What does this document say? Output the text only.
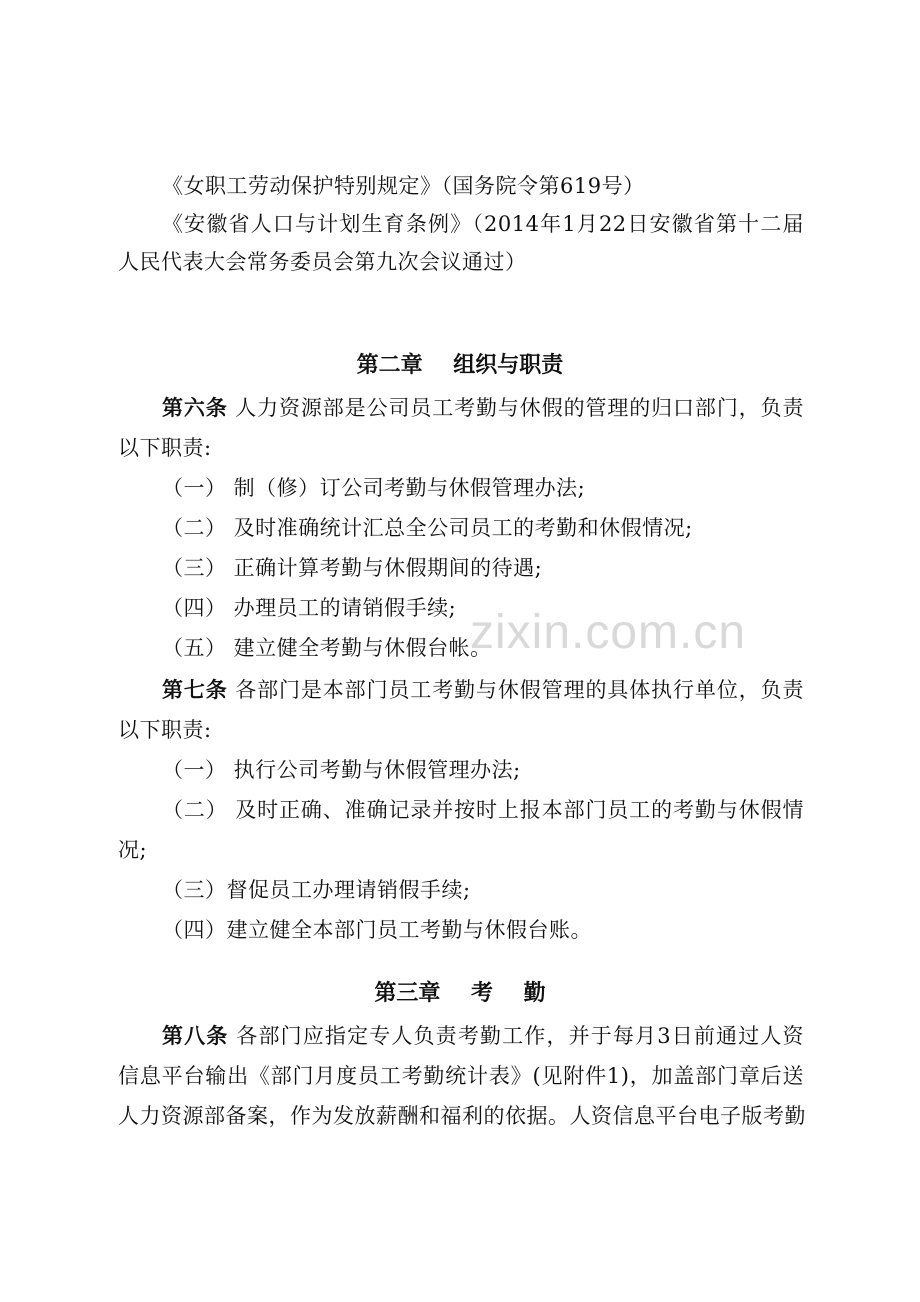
《女职工劳动保护特别规定》（国务院令第619号）
《安徽省人口与计划生育条例》（2014年1月22日安徽省第十二届
人民代表大会常务委员会第九次会议通过）
第二章    组织与职责
第六条 人力资源部是公司员工考勤与休假的管理的归口部门，负责
以下职责:
（一） 制（修）订公司考勤与休假管理办法;
（二） 及时准确统计汇总全公司员工的考勤和休假情况;
（三） 正确计算考勤与休假期间的待遇;
（四） 办理员工的请销假手续;
（五） 建立健全考勤与休假台帐。
第七条 各部门是本部门员工考勤与休假管理的具体执行单位，负责
以下职责:
（一） 执行公司考勤与休假管理办法;
（二） 及时正确、准确记录并按时上报本部门员工的考勤与休假情
况;
（三）督促员工办理请销假手续;
（四）建立健全本部门员工考勤与休假台账。
第三章    考    勤
第八条 各部门应指定专人负责考勤工作，并于每月3日前通过人资
信息平台输出《部门月度员工考勤统计表》(见附件1)，加盖部门章后送
人力资源部备案，作为发放薪酬和福利的依据。人资信息平台电子版考勤
zixin.com.cn
